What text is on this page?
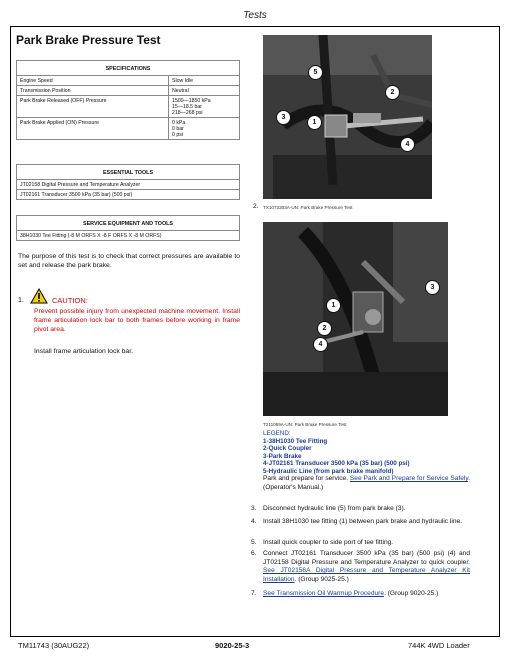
Tests
Park Brake Pressure Test
SPECIFICATIONS	
Engine Speed	Slow Idle
Transmission Position	Neutral
Park Brake Released (OFF) Pressure	1500—1850 kPa
15—18.5 bar
218—268 psi

Park Brake Applied (ON) Pressure	0 kPa
0 bar
0 psi
ESSENTIAL TOOLS
JT02158 Digital Pressure and Temperature Analyzer
JT02161 Transducer 3500 kPa (35 bar) (500 psi)
SERVICE EQUIPMENT AND TOOLS
38H1030 Tee Fitting (-8 M ORFS X -8 F ORFS X -8 M ORFS)
The purpose of this test is to check that correct pressures are available to set and release the park brake.
1.	CAUTION:
Prevent possible injury from unexpected machine movement. Install frame articulation lock bar to both frames before working in frame pivot area.
Install frame articulation lock bar.
5
2
1
3
4
2. TX1073303A-UN: Park Brake Pressure Test
3
1
2
4
T211069A-UN: Park Brake Pressure Test
LEGEND:
1-38H1030 Tee Fitting
2-Quick Coupler
3-Park Brake
4-JT02161 Transducer 3500 kPa (35 bar) (500 psi)
5-Hydraulic Line (from park brake manifold)
Park and prepare for service. See Park and Prepare for Service Safely. (Operator's Manual.)
3. Disconnect hydraulic line (5) from park brake (3).
4. Install 38H1030 tee fitting (1) between park brake and hydraulic line.
5. Install quick coupler to side port of tee fitting.
6. Connect JT02161 Transducer 3500 kPa (35 bar) (500 psi) (4) and JT02158 Digital Pressure and Temperature Analyzer to quick coupler. See JT02156A Digital Pressure and Temperature Analyzer Kit Installation. (Group 9025-25.)
7. See Transmission Oil Warmup Procedure. (Group 9020-25.)
TM11743 (30AUG22)	9020-25-3	744K 4WD Loader
